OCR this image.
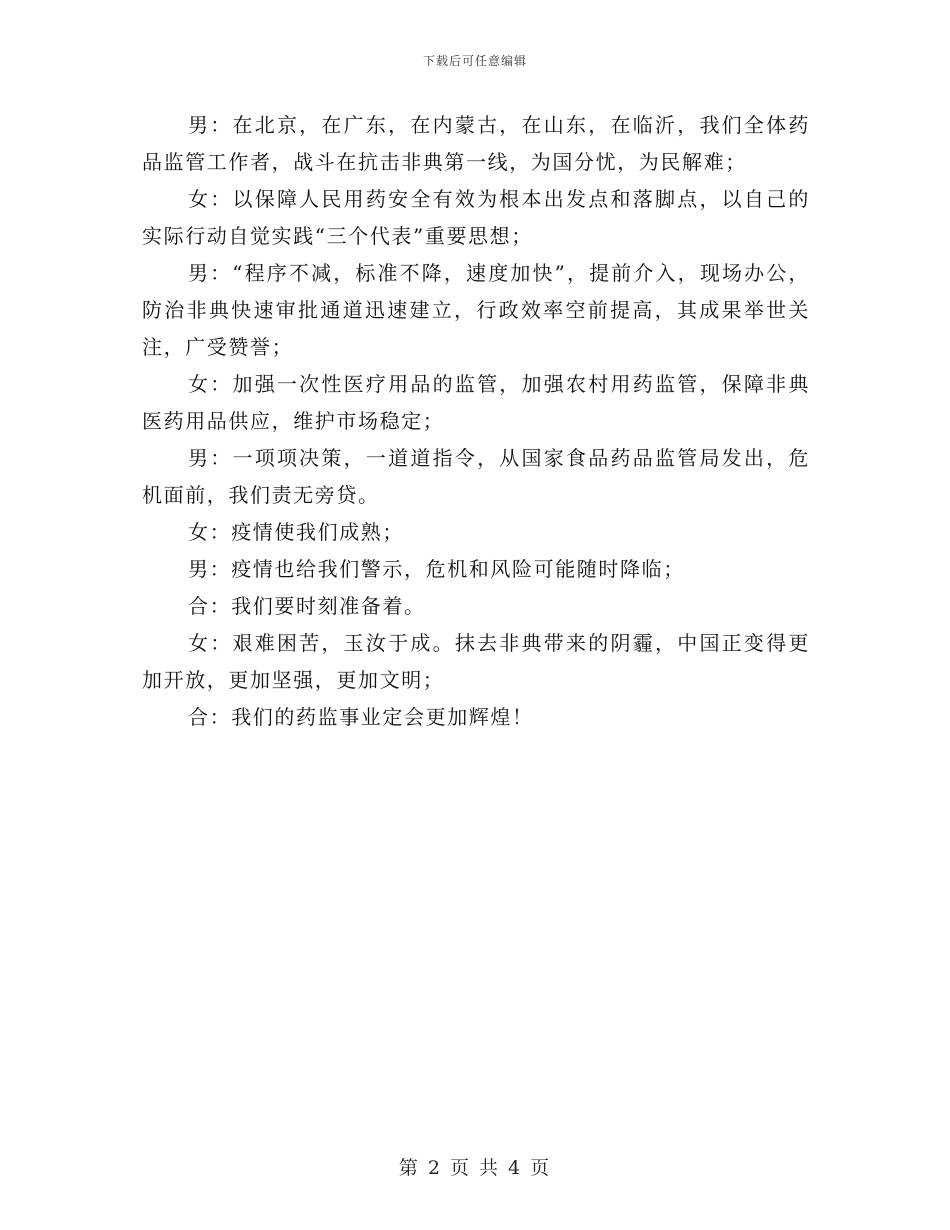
下载后可任意编辑

男：在北京，在广东，在内蒙古，在山东，在临沂，我们全体药品监管工作者，战斗在抗击非典第一线，为国分忧，为民解难；

女：以保障人民用药安全有效为根本出发点和落脚点，以自己的实际行动自觉实践“三个代表”重要思想；

男：“程序不减，标准不降，速度加快”，提前介入，现场办公，防治非典快速审批通道迅速建立，行政效率空前提高，其成果举世关注，广受赞誉；

女：加强一次性医疗用品的监管，加强农村用药监管，保障非典医药用品供应，维护市场稳定；

男：一项项决策，一道道指令，从国家食品药品监管局发出，危机面前，我们责无旁贷。

女：疫情使我们成熟；

男：疫情也给我们警示，危机和风险可能随时降临；

合：我们要时刻准备着。

女：艰难困苦，玉汝于成。抹去非典带来的阴霾，中国正变得更加开放，更加坚强，更加文明；

合：我们的药监事业定会更加辉煌！

第 2 页 共 4 页
